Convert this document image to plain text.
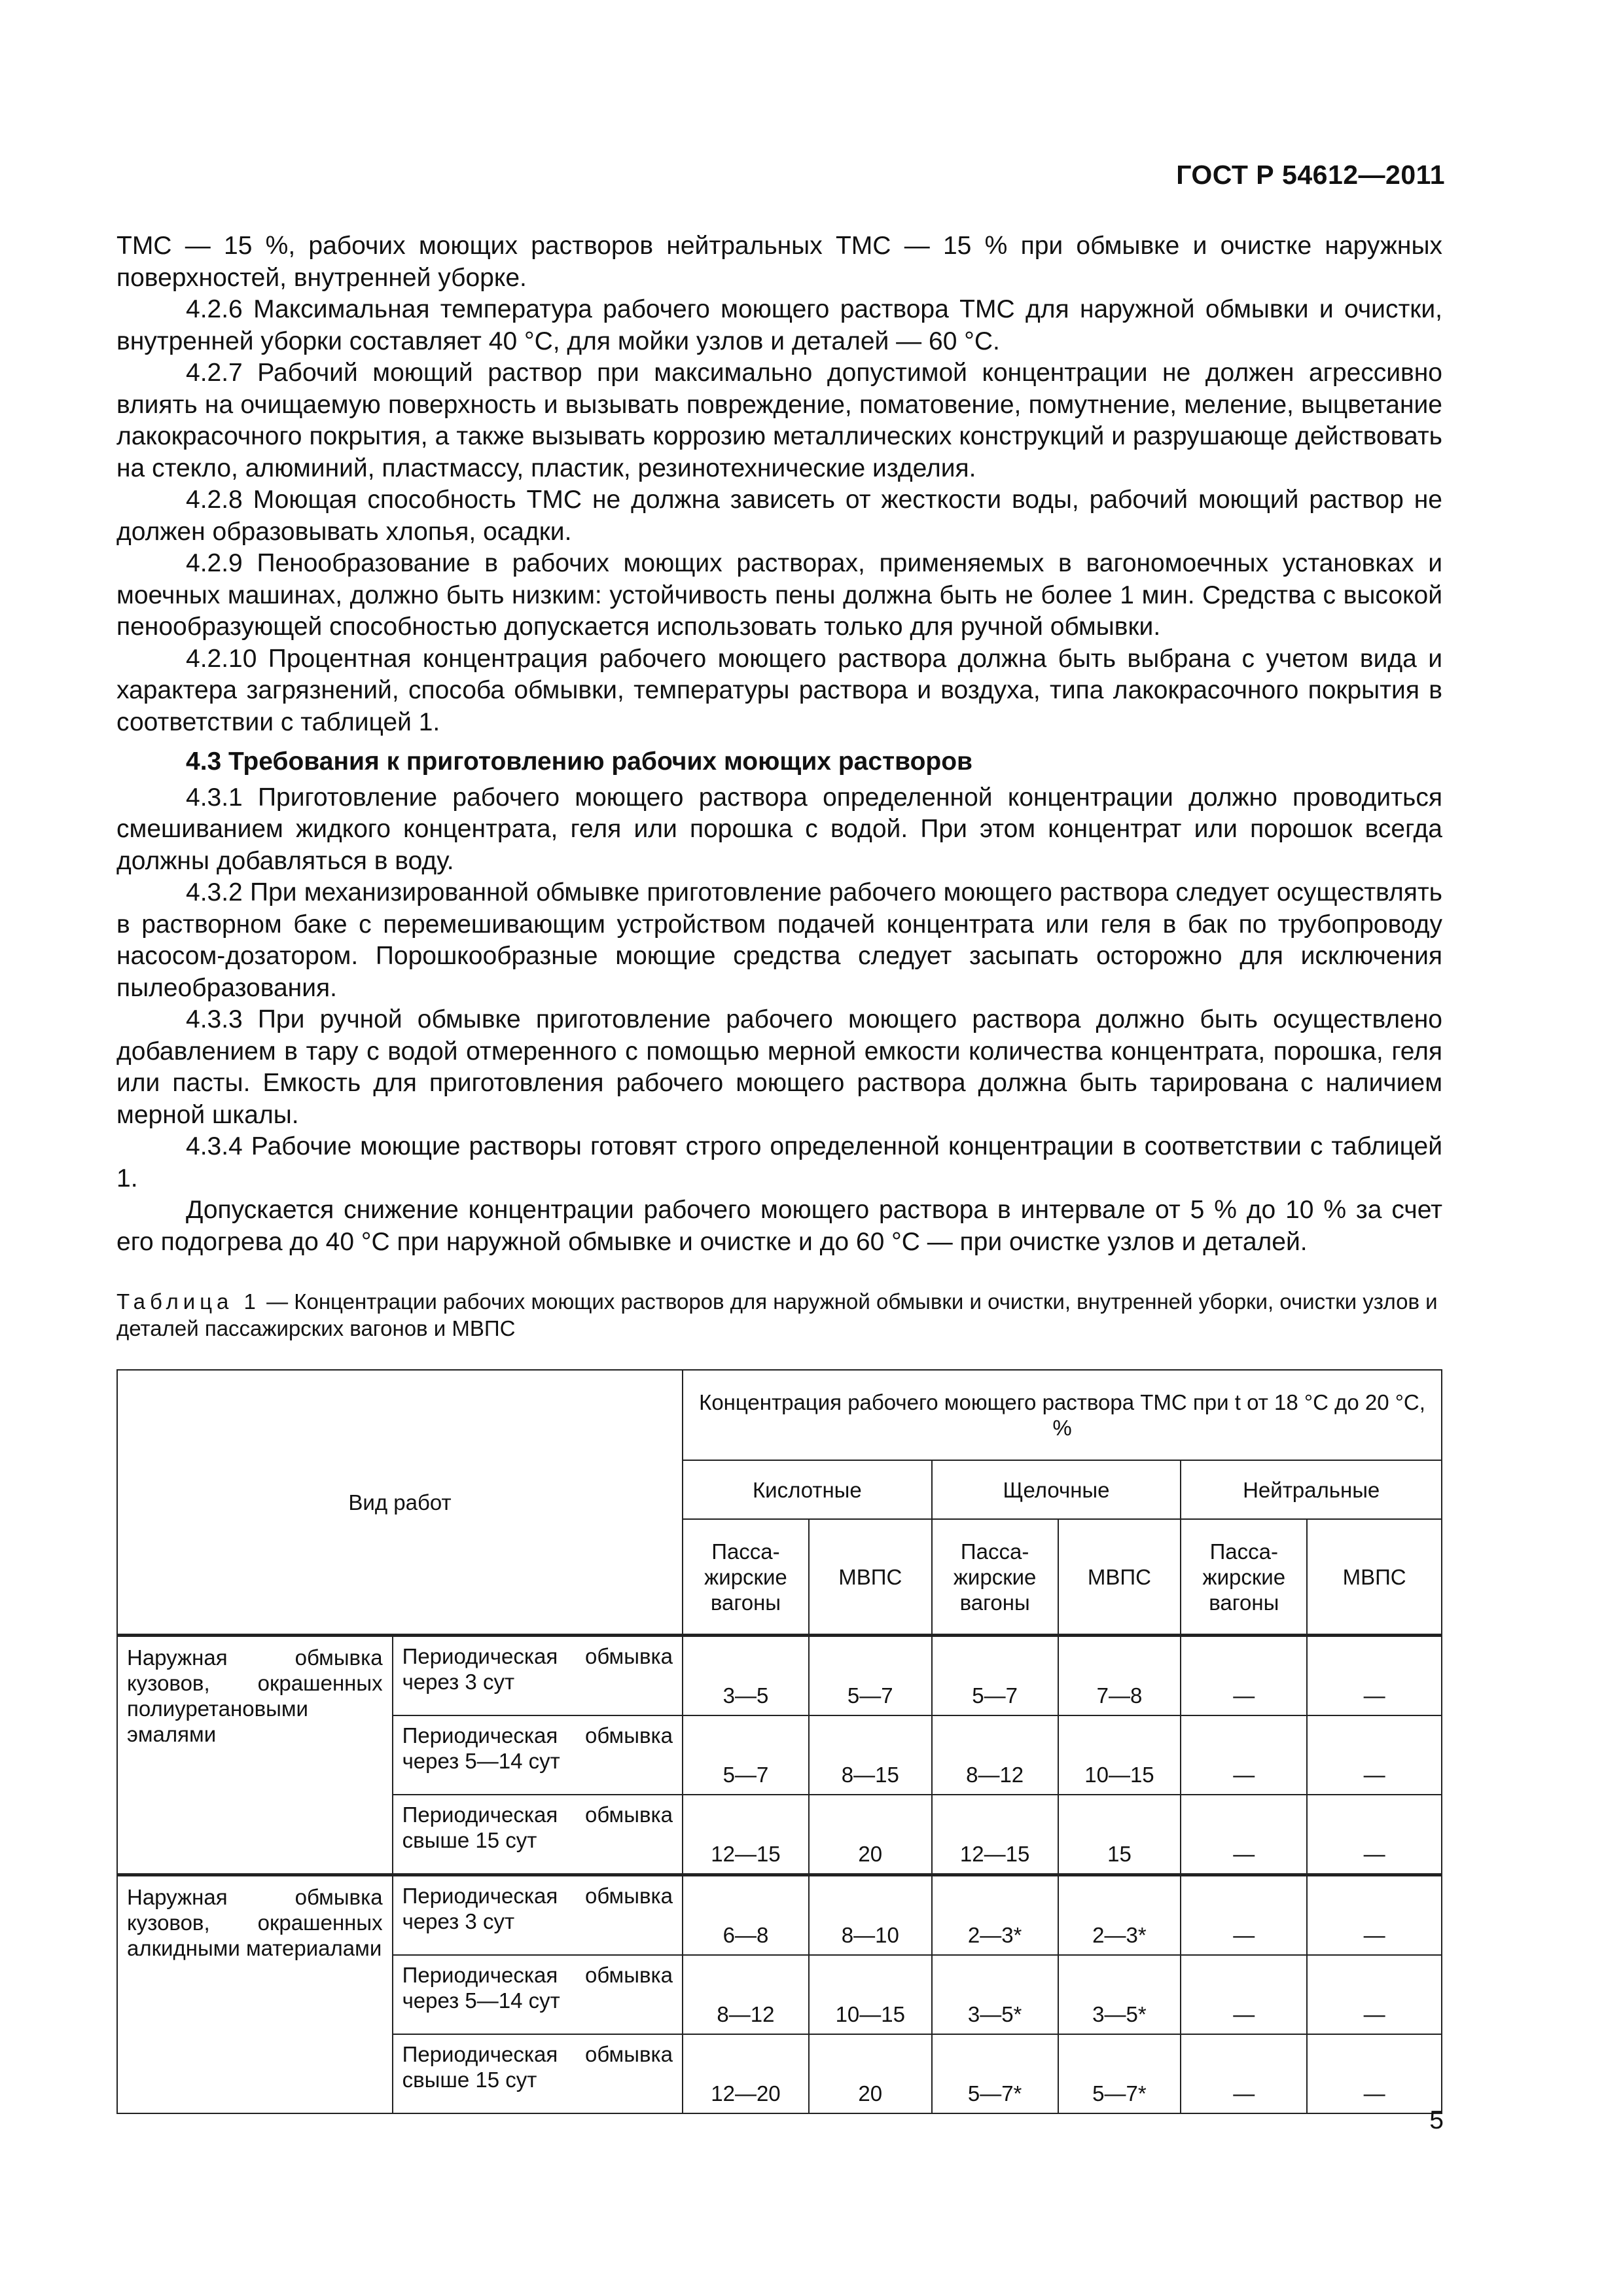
ГОСТ Р 54612—2011

ТМС — 15 %, рабочих моющих растворов нейтральных ТМС — 15 % при обмывке и очистке наружных поверхностей, внутренней уборке.

4.2.6 Максимальная температура рабочего моющего раствора ТМС для наружной обмывки и очистки, внутренней уборки составляет 40 °С, для мойки узлов и деталей — 60 °С.

4.2.7 Рабочий моющий раствор при максимально допустимой концентрации не должен агрессивно влиять на очищаемую поверхность и вызывать повреждение, поматовение, помутнение, меление, выцветание лакокрасочного покрытия, а также вызывать коррозию металлических конструкций и разрушающе действовать на стекло, алюминий, пластмассу, пластик, резинотехнические изделия.

4.2.8 Моющая способность ТМС не должна зависеть от жесткости воды, рабочий моющий раствор не должен образовывать хлопья, осадки.

4.2.9 Пенообразование в рабочих моющих растворах, применяемых в вагономоечных установках и моечных машинах, должно быть низким: устойчивость пены должна быть не более 1 мин. Средства с высокой пенообразующей способностью допускается использовать только для ручной обмывки.

4.2.10 Процентная концентрация рабочего моющего раствора должна быть выбрана с учетом вида и характера загрязнений, способа обмывки, температуры раствора и воздуха, типа лакокрасочного покрытия в соответствии с таблицей 1.

4.3 Требования к приготовлению рабочих моющих растворов

4.3.1 Приготовление рабочего моющего раствора определенной концентрации должно проводиться смешиванием жидкого концентрата, геля или порошка с водой. При этом концентрат или порошок всегда должны добавляться в воду.

4.3.2 При механизированной обмывке приготовление рабочего моющего раствора следует осуществлять в растворном баке с перемешивающим устройством подачей концентрата или геля в бак по трубопроводу насосом-дозатором. Порошкообразные моющие средства следует засыпать осторожно для исключения пылеобразования.

4.3.3 При ручной обмывке приготовление рабочего моющего раствора должно быть осуществлено добавлением в тару с водой отмеренного с помощью мерной емкости количества концентрата, порошка, геля или пасты. Емкость для приготовления рабочего моющего раствора должна быть тарирована с наличием мерной шкалы.

4.3.4 Рабочие моющие растворы готовят строго определенной концентрации в соответствии с таблицей 1.

Допускается снижение концентрации рабочего моющего раствора в интервале от 5 % до 10 % за счет его подогрева до 40 °С при наружной обмывке и очистке и до 60 °С — при очистке узлов и деталей.

Таблица 1 — Концентрации рабочих моющих растворов для наружной обмывки и очистки, внутренней уборки, очистки узлов и деталей пассажирских вагонов и МВПС
Вид работ		Концентрация рабочего моющего раствора ТМС при t от 18 °С до 20 °С, %					
		Кислотные		Щелочные		Нейтральные	
		Пасса-
жирские
вагоны	МВПС	Пасса-
жирские
вагоны	МВПС	Пасса-
жирские
вагоны	МВПС
Наружная обмывка кузовов, окрашенных полиуретановыми эмалями	Периодическая обмывка через 3 сут	3—5	5—7	5—7	7—8	—	—
	Периодическая обмывка через 5—14 сут	5—7	8—15	8—12	10—15	—	—
	Периодическая обмывка свыше 15 сут	12—15	20	12—15	15	—	—
Наружная обмывка кузовов, окрашенных алкидными материалами	Периодическая обмывка через 3 сут	6—8	8—10	2—3*	2—3*	—	—
	Периодическая обмывка через 5—14 сут	8—12	10—15	3—5*	3—5*	—	—
	Периодическая обмывка свыше 15 сут	12—20	20	5—7*	5—7*	—	—
5
